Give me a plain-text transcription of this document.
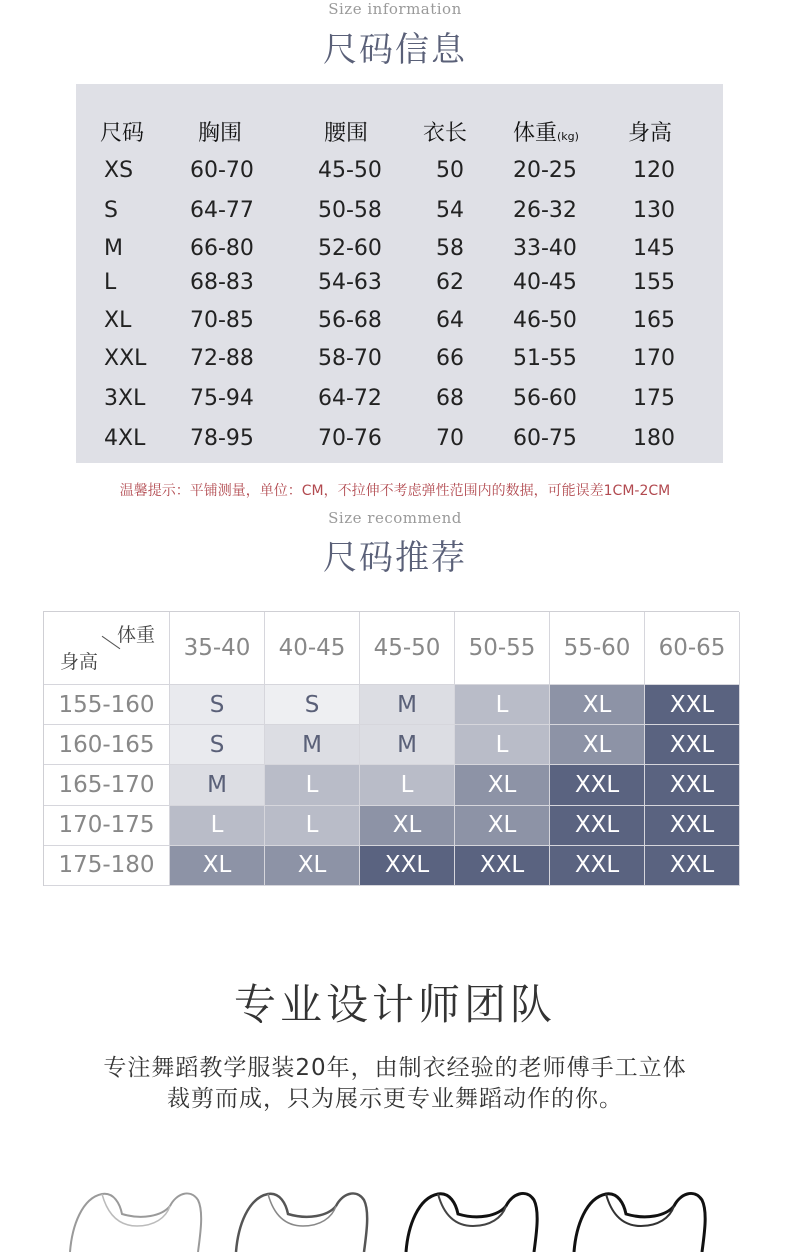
Size information
尺码信息
尺码 胸围	腰围 衣长 体重(kg) 身高
XS	60-70	45-50 50 20-25	120
S	64-77	50-58 54 26-32	130
M	66-80	52-60 58 33-40	145
L	68-83	54-63 62 40-45	155
XL	70-85	56-68 64 46-50	165
XXL 72-88	58-70 66 51-55	170
3XL 75-94	64-72 68 56-60	175
4XL 78-95	70-76 70 60-75	180
温馨提示：平铺测量，单位：CM，不拉伸不考虑弹性范围内的数据，可能误差1CM-2CM
Size recommend
尺码推荐
体重
身高
35-40	40-45	45-50	50-55	55-60	60-65
155-160	S	S	M	L	XL	XXL
160-165	S	M	M	L	XL	XXL
165-170	M	L	L	XL	XXL	XXL
170-175	L	L	XL	XL	XXL	XXL
175-180	XL	XL	XXL	XXL	XXL	XXL
专业设计师团队
专注舞蹈教学服装20年，由制衣经验的老师傅手工立体
裁剪而成，只为展示更专业舞蹈动作的你。
